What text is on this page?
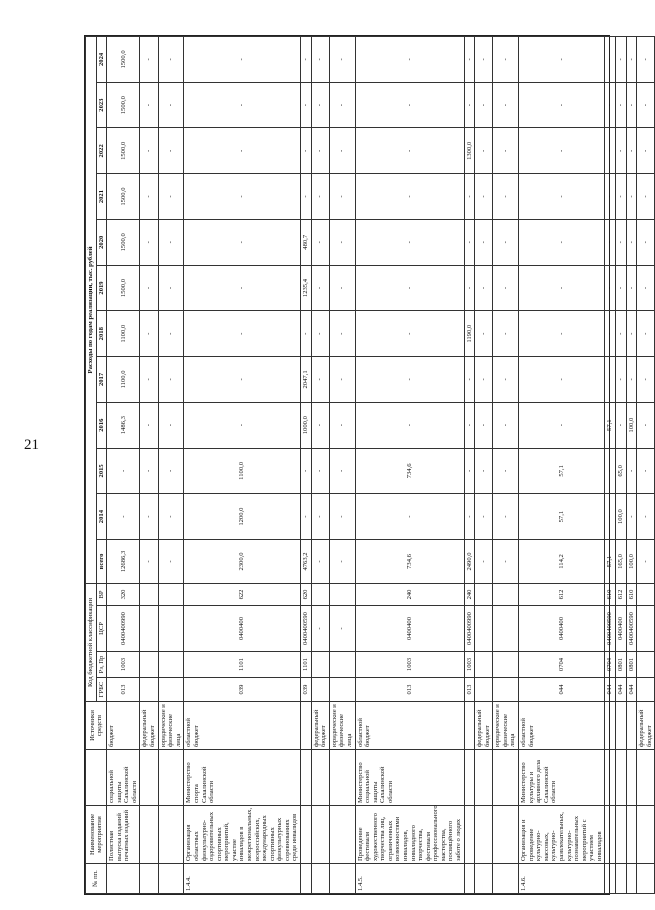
21
№ пп.	Наименование мероприятия		Источники средств	Код бюджетной классификации				Расходы по годам реализации, тыс. рублей											
				ГРБС	Рз, Пр	ЦСР	ВР	всего	2014	2015	2016	2017	2018	2019	2020	2021	2022	2023	2024
	Полистная выпуска изданий печатных изданий	социальной защиты Сахалинской области	бюджет	013	1003	0400400990	320	12686,3	-	-	1486,3	1100,0	1100,0	1500,0	1500,0	1500,0	1500,0	1500,0	1500,0
			федеральный бюджет					-	-	-	-	-	-	-	-	-	-	-	-
			юридические и физические лица					-	-	-	-	-	-	-	-	-	-	-	-
1.4.4.	Организация областных физкультурно-оздоровительных спортивных мероприятий, участие инвалидов в межрегиональных, всероссийских, международных спортивных физкультурных соревнованиях среди инвалидов	Министерство спорта Сахалинской области	областной бюджет	039	1101	0400400	622	2300,0	1200,0	1100,0	-	-	-	-	-	-	-	-	-
				039	1101	0400400590	620	4763,2	-	-	1000,0	2047,1	-	1235,4	480,7	-	-	-	-
			федеральный бюджет			-		-	-	-	-	-	-	-	-	-	-	-	-
			юридические и физические лица			-		-	-	-	-	-	-	-	-	-	-	-	-
1.4.5.	Проведение фестиваля художественного творчества лиц, ограниченных возможностями инвалидов, инвалидного творчества, фестиваля профессионального мастерства, посвящённого заботе о людях	Министерство социальной защиты Сахалинской области	областной бюджет	013	1003	0400400	240	734,6	-	734,6	-	-	-	-	-	-	-	-	-
				013	1003	0400400990	240	2490,0	-	-	-	-	1190,0	-	-	-	1300,0	-	-
			федеральный бюджет					-	-	-	-	-	-	-	-	-	-	-	-
			юридические и физические лица					-	-	-	-	-	-	-	-	-	-	-	-
1.4.6.	Организация и проведение культурно-массовых, культурно-развлекательных, культурно-познавательных мероприятий с участием инвалидов	Министерство культуры и архивного дела Сахалинской области	областной бюджет	044	0704	0400400	612	114,2	57,1	57,1	-	-	-	-	-	-	-	-	-
				044	0704	0400400590	610	57,1	-	-	57,1	-	-	-	-	-	-	-	-
				044	0801	0400400	612	165,0	100,0	65,0	-	-	-	-	-	-	-	-	-
				044	0801	0400400590	610	100,0	-	-	100,0	-	-	-	-	-	-	-	-
			федеральный бюджет					-	-	-	-	-	-	-	-	-	-	-	-
